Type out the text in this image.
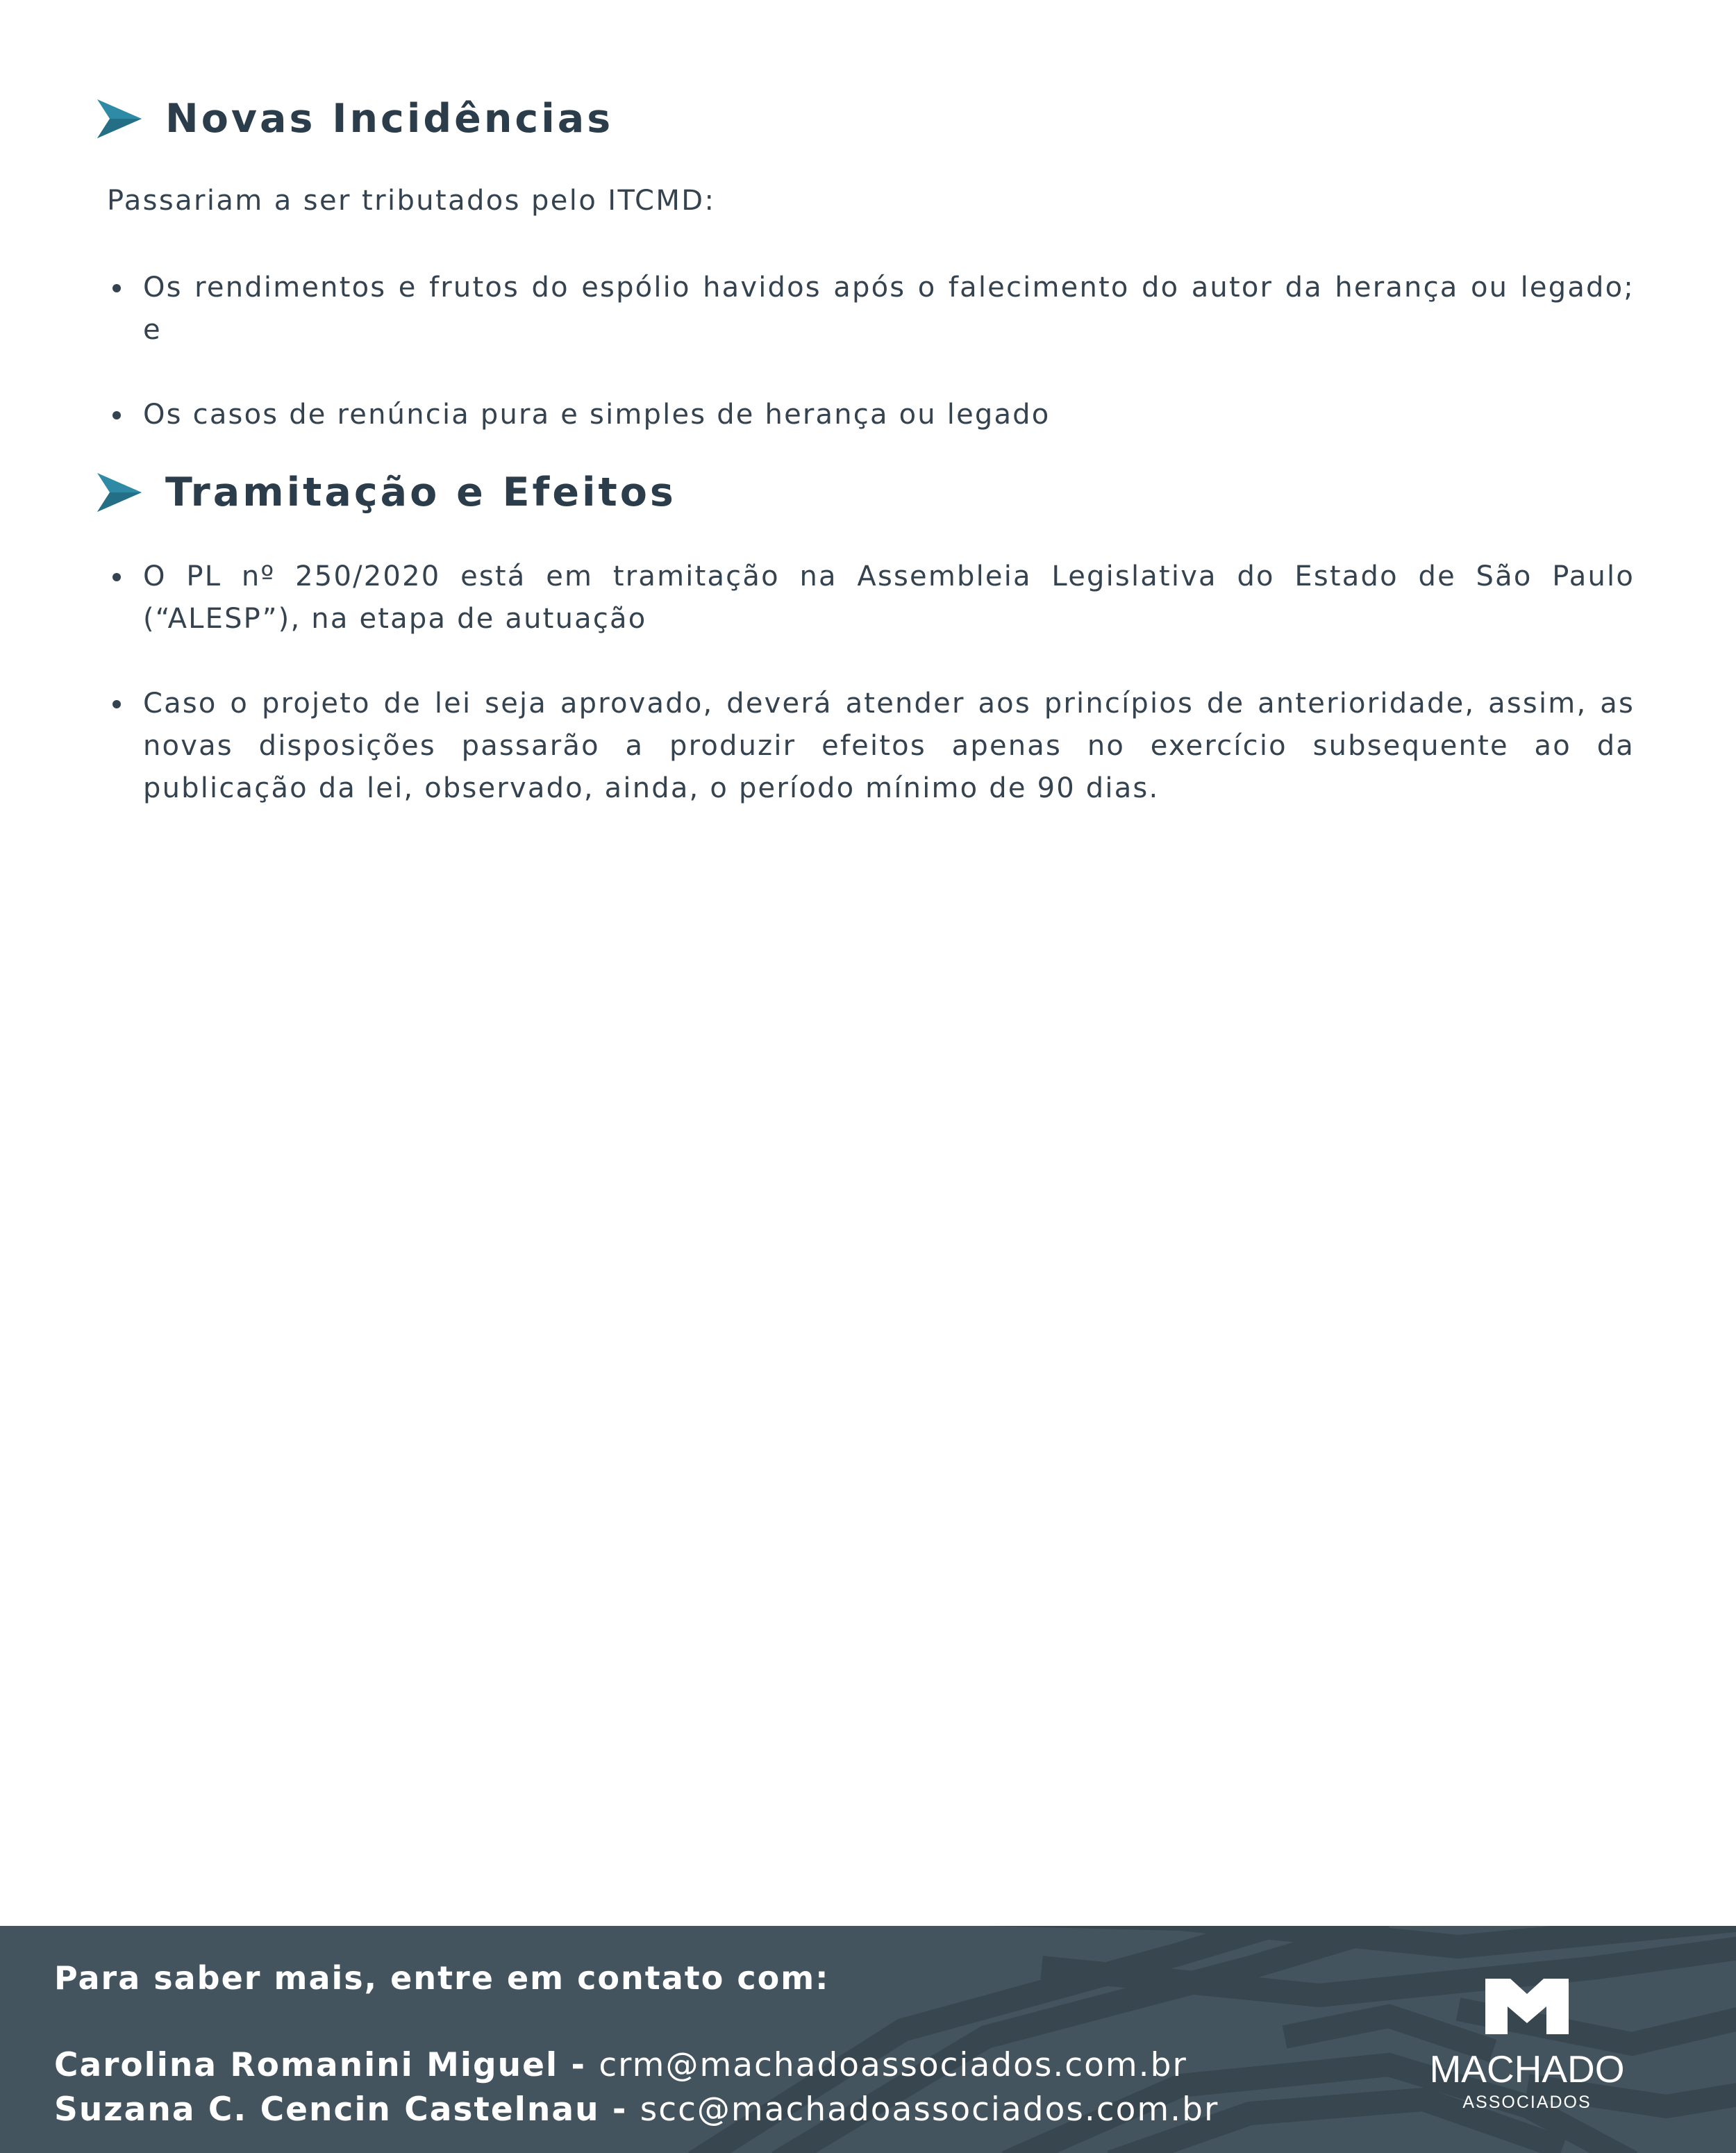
Novas Incidências

Passariam a ser tributados pelo ITCMD:

Os rendimentos e frutos do espólio havidos após o falecimento do autor da herança ou legado; e
Os casos de renúncia pura e simples de herança ou legado
Tramitação e Efeitos
O PL nº 250/2020 está em tramitação na Assembleia Legislativa do Estado de São Paulo (“ALESP”), na etapa de autuação
Caso o projeto de lei seja aprovado, deverá atender aos princípios de anterioridade, assim, as novas disposições passarão a produzir efeitos apenas no exercício subsequente ao da publicação da lei, observado, ainda, o período mínimo de 90 dias.

Para saber mais, entre em contato com:

Carolina Romanini Miguel - crm@machadoassociados.com.br
Suzana C. Cencin Castelnau - scc@machadoassociados.com.br
MACHADO
ASSOCIADOS
